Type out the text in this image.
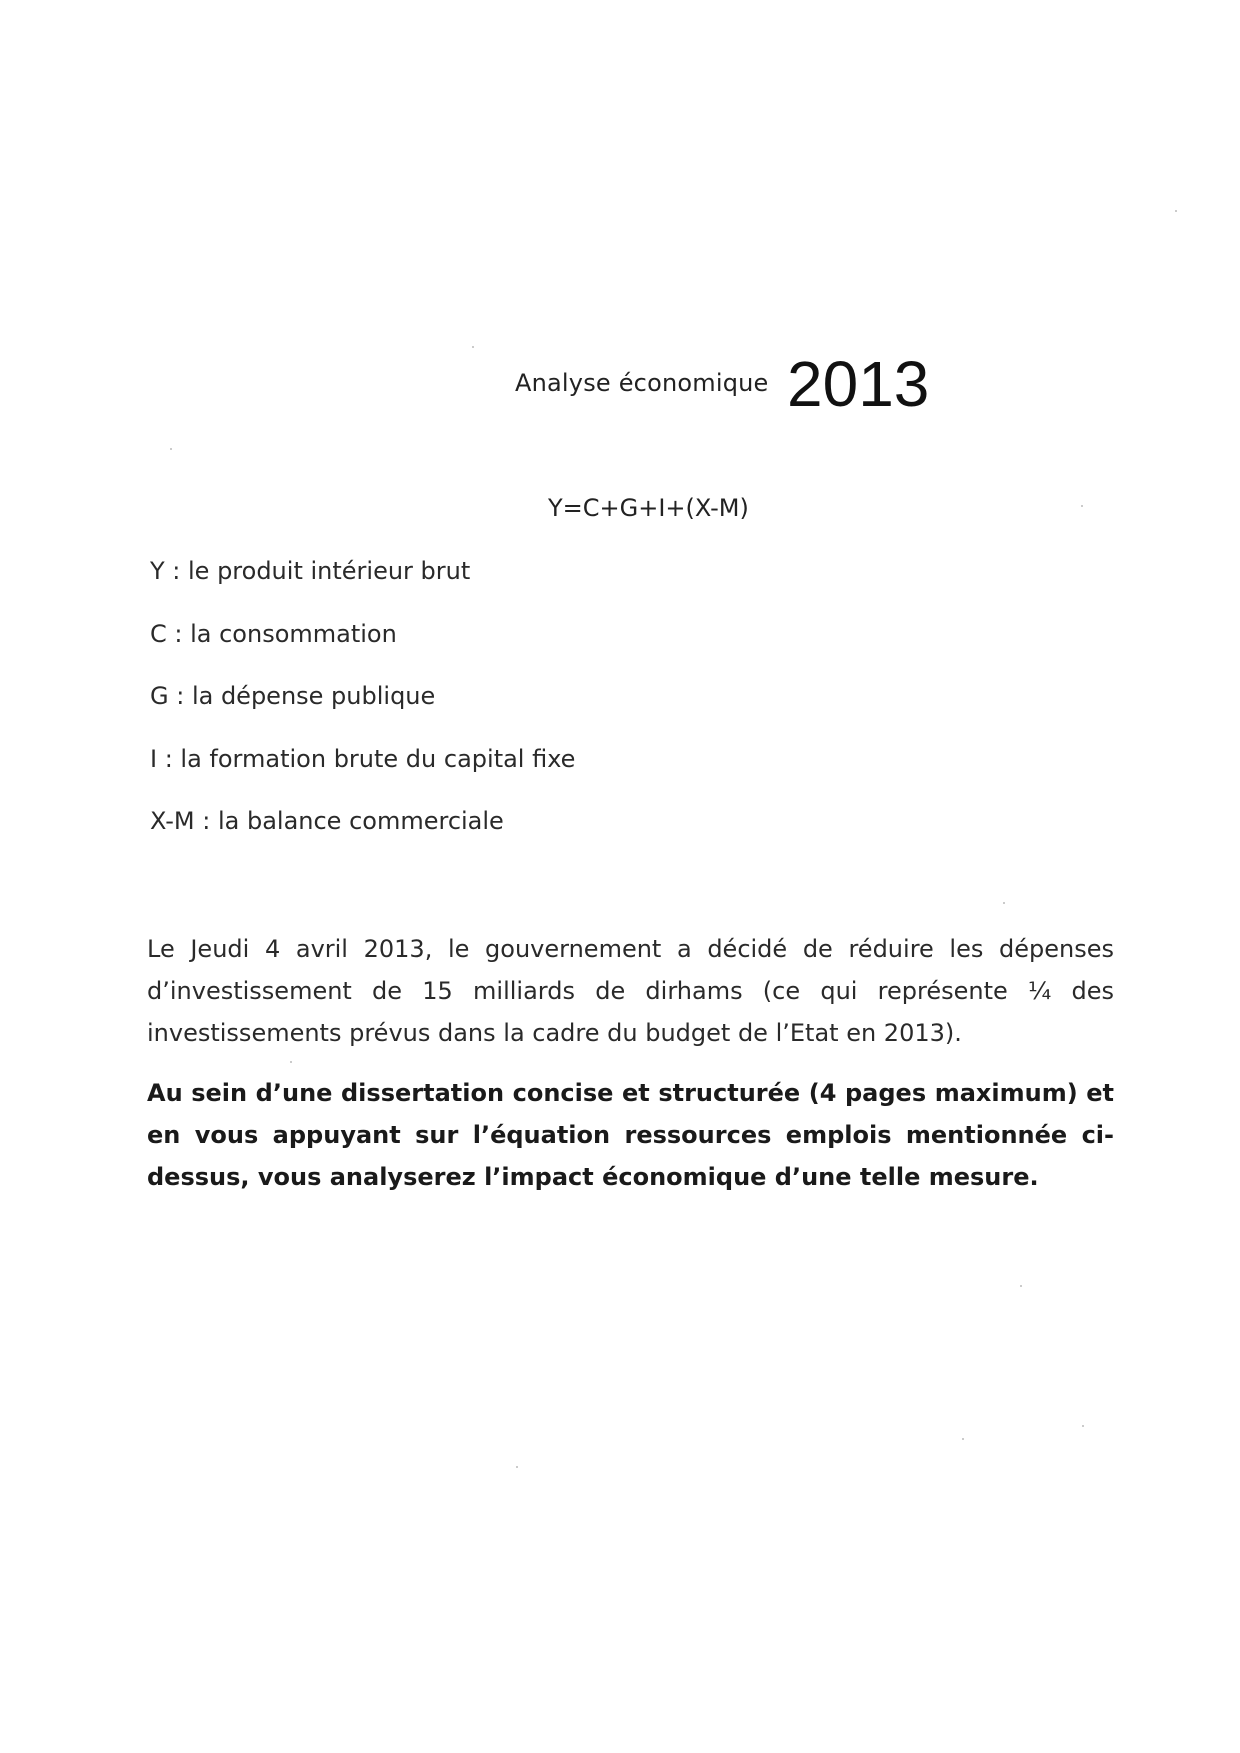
Analyse économique 2013
Y=C+G+I+(X-M)
Y : le produit intérieur brut
C : la consommation
G : la dépense publique
I : la formation brute du capital fixe
X-M : la balance commerciale

Le Jeudi 4 avril 2013, le gouvernement a décidé de réduire les dépenses d’investissement de 15 milliards de dirhams (ce qui représente ¼ des investissements prévus dans la cadre du budget de l’Etat en 2013).

Au sein d’une dissertation concise et structurée (4 pages maximum) et en vous appuyant sur l’équation ressources emplois mentionnée ci-dessus, vous analyserez l’impact économique d’une telle mesure.
